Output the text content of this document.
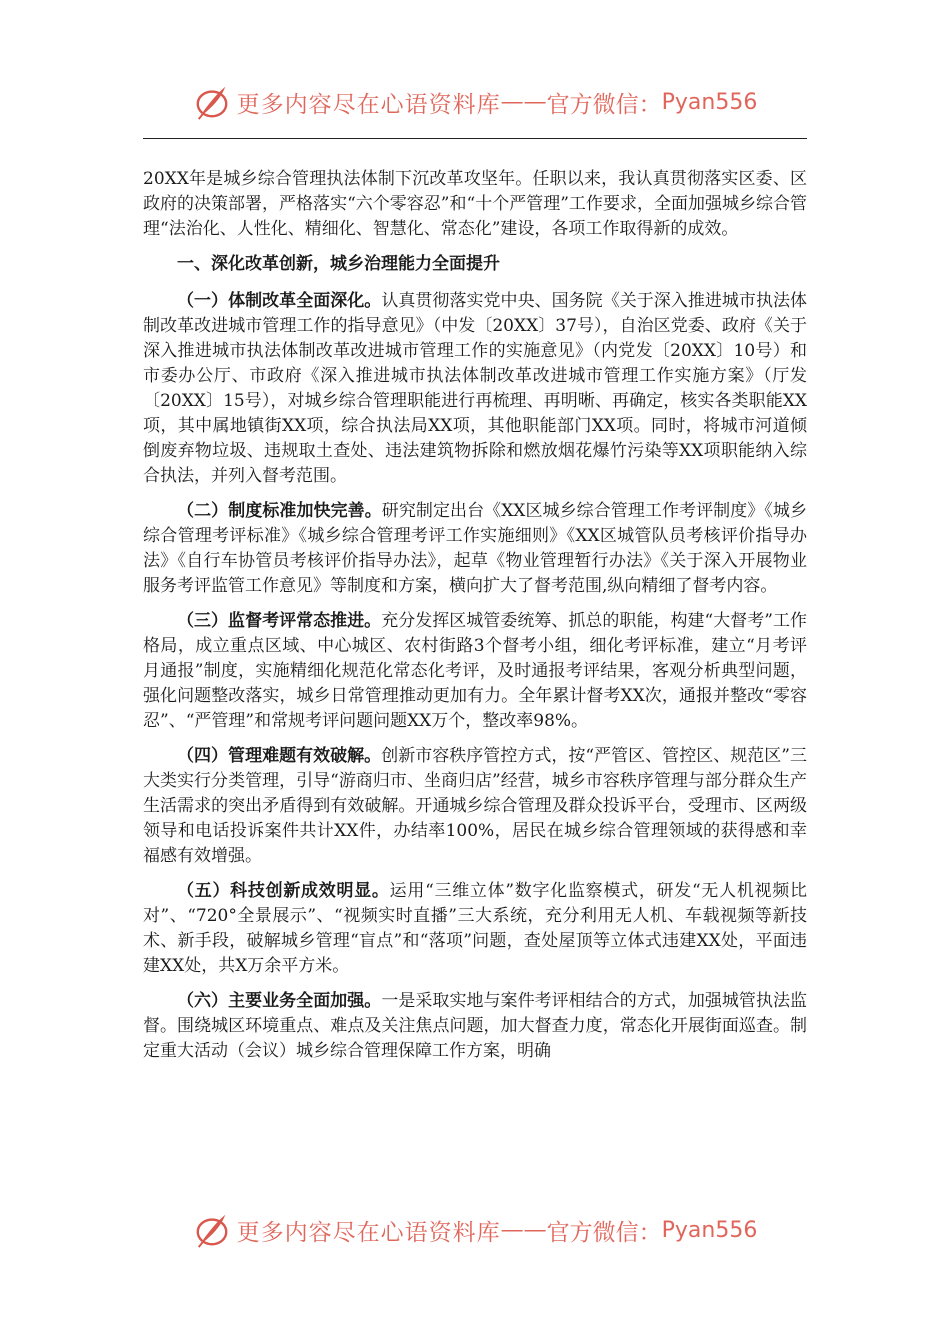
更多内容尽在心语资料库 —— 官方微信： Pyan556

20XX年是城乡综合管理执法体制下沉改革攻坚年。任职以来，我认真贯彻落实区委、区政府的决策部署，严格落实“六个零容忍”和“十个严管理”工作要求，全面加强城乡综合管理“法治化、人性化、精细化、智慧化、常态化”建设，各项工作取得新的成效。

一、深化改革创新，城乡治理能力全面提升

（一）体制改革全面深化。认真贯彻落实党中央、国务院《关于深入推进城市执法体制改革改进城市管理工作的指导意见》（中发〔20XX〕37号），自治区党委、政府《关于深入推进城市执法体制改革改进城市管理工作的实施意见》（内党发〔20XX〕10号）和市委办公厅、市政府《深入推进城市执法体制改革改进城市管理工作实施方案》（厅发〔20XX〕15号），对城乡综合管理职能进行再梳理、再明晰、再确定，核实各类职能XX项，其中属地镇街XX项，综合执法局XX项，其他职能部门XX项。同时，将城市河道倾倒废弃物垃圾、违规取土查处、违法建筑物拆除和燃放烟花爆竹污染等XX项职能纳入综合执法，并列入督考范围。

（二）制度标准加快完善。研究制定出台《XX区城乡综合管理工作考评制度》《城乡综合管理考评标准》《城乡综合管理考评工作实施细则》《XX区城管队员考核评价指导办法》《自行车协管员考核评价指导办法》，起草《物业管理暂行办法》《关于深入开展物业服务考评监管工作意见》等制度和方案，横向扩大了督考范围,纵向精细了督考内容。

（三）监督考评常态推进。充分发挥区城管委统筹、抓总的职能，构建“大督考”工作格局，成立重点区域、中心城区、农村街路3个督考小组，细化考评标准，建立“月考评月通报”制度，实施精细化规范化常态化考评，及时通报考评结果，客观分析典型问题，强化问题整改落实，城乡日常管理推动更加有力。全年累计督考XX次，通报并整改“零容忍”、“严管理”和常规考评问题问题XX万个，整改率98%。

（四）管理难题有效破解。创新市容秩序管控方式，按“严管区、管控区、规范区”三大类实行分类管理，引导“游商归市、坐商归店”经营，城乡市容秩序管理与部分群众生产生活需求的突出矛盾得到有效破解。开通城乡综合管理及群众投诉平台，受理市、区两级领导和电话投诉案件共计XX件，办结率100%，居民在城乡综合管理领域的获得感和幸福感有效增强。

（五）科技创新成效明显。运用“三维立体”数字化监察模式，研发“无人机视频比对”、“720°全景展示”、“视频实时直播”三大系统，充分利用无人机、车载视频等新技术、新手段，破解城乡管理“盲点”和“落项”问题，查处屋顶等立体式违建XX处，平面违建XX处，共X万余平方米。

（六）主要业务全面加强。一是采取实地与案件考评相结合的方式，加强城管执法监督。围绕城区环境重点、难点及关注焦点问题，加大督查力度，常态化开展街面巡查。制定重大活动（会议）城乡综合管理保障工作方案，明确

更多内容尽在心语资料库 —— 官方微信： Pyan556
